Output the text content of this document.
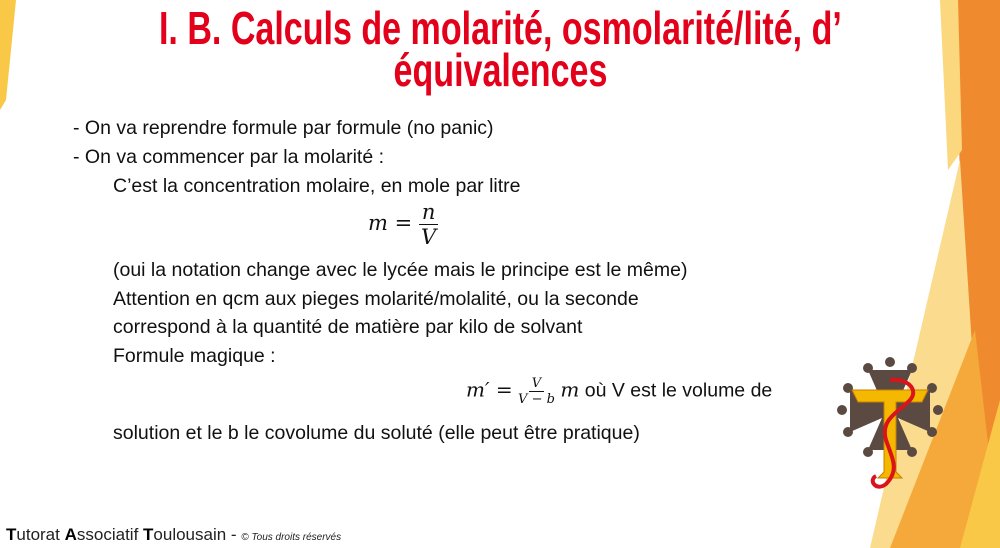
I. B. Calculs de molarité, osmolarité/lité, d’
équivalences
- On va reprendre formule par formule (no panic)
- On va commencer par la molarité :
C’est la concentration molaire, en mole par litre
$m = \frac{n}{V}$
(oui la notation change avec le lycée mais le principe est le même)
Attention en qcm aux pieges molarité/molalité, ou la seconde
correspond à la quantité de matière par kilo de solvant
Formule magique :
$m' = \frac{V}{V - b}$ m où V est le volume de
solution et le b le covolume du soluté (elle peut être pratique)
Tutorat Associatif Toulousain - © Tous droits réservés
